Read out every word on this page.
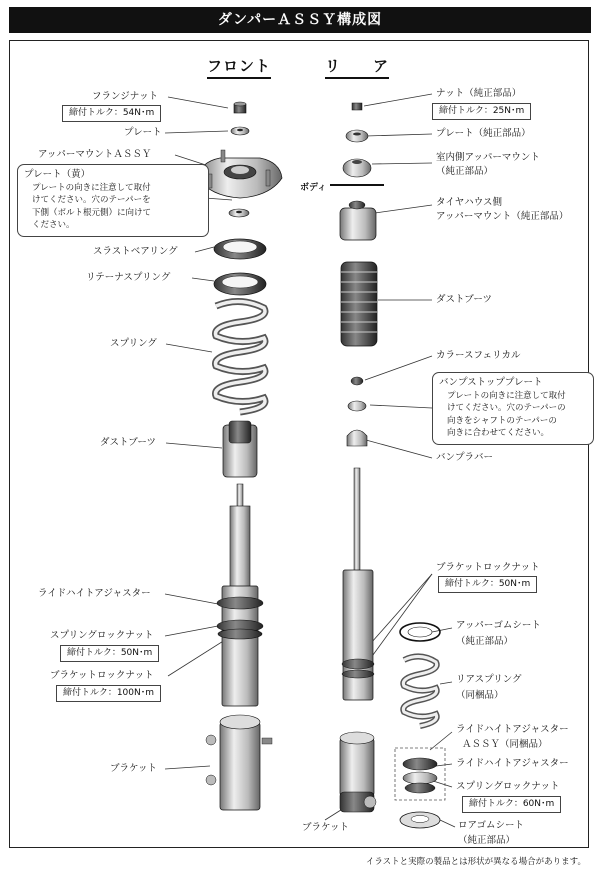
ダンパーＡＳＳＹ構成図
フロント	リ　　ア
ボディ
フランジナット
締付トルク：54N･m
プレート
アッパーマウントＡＳＳＹ
プレート（黄）
プレートの向きに注意して取付
けてください。穴のテーパーを
下側（ボルト根元側）に向けて
ください。
スラストベアリング
リテーナスプリング
スプリング
ダストブーツ
ライドハイトアジャスター
スプリングロックナット
締付トルク：50N･m
ブラケットロックナット
締付トルク：100N･m
ブラケット
ナット（純正部品）
締付トルク：25N･m
プレート（純正部品）
室内側アッパーマウント
（純正部品）
タイヤハウス側
アッパーマウント（純正部品）
ダストブーツ
カラースフェリカル
バンプストッププレート
プレートの向きに注意して取付
けてください。穴のテーパーの
向きをシャフトのテーパーの
向きに合わせてください。
バンプラバー
ブラケットロックナット
締付トルク：50N･m
アッパーゴムシート
（純正部品）
リアスプリング
（同梱品）
ライドハイトアジャスター
ＡＳＳＹ（同梱品）
ライドハイトアジャスター
スプリングロックナット
締付トルク：60N･m
ロアゴムシート
（純正部品）
ブラケット
イラストと実際の製品とは形状が異なる場合があります。
